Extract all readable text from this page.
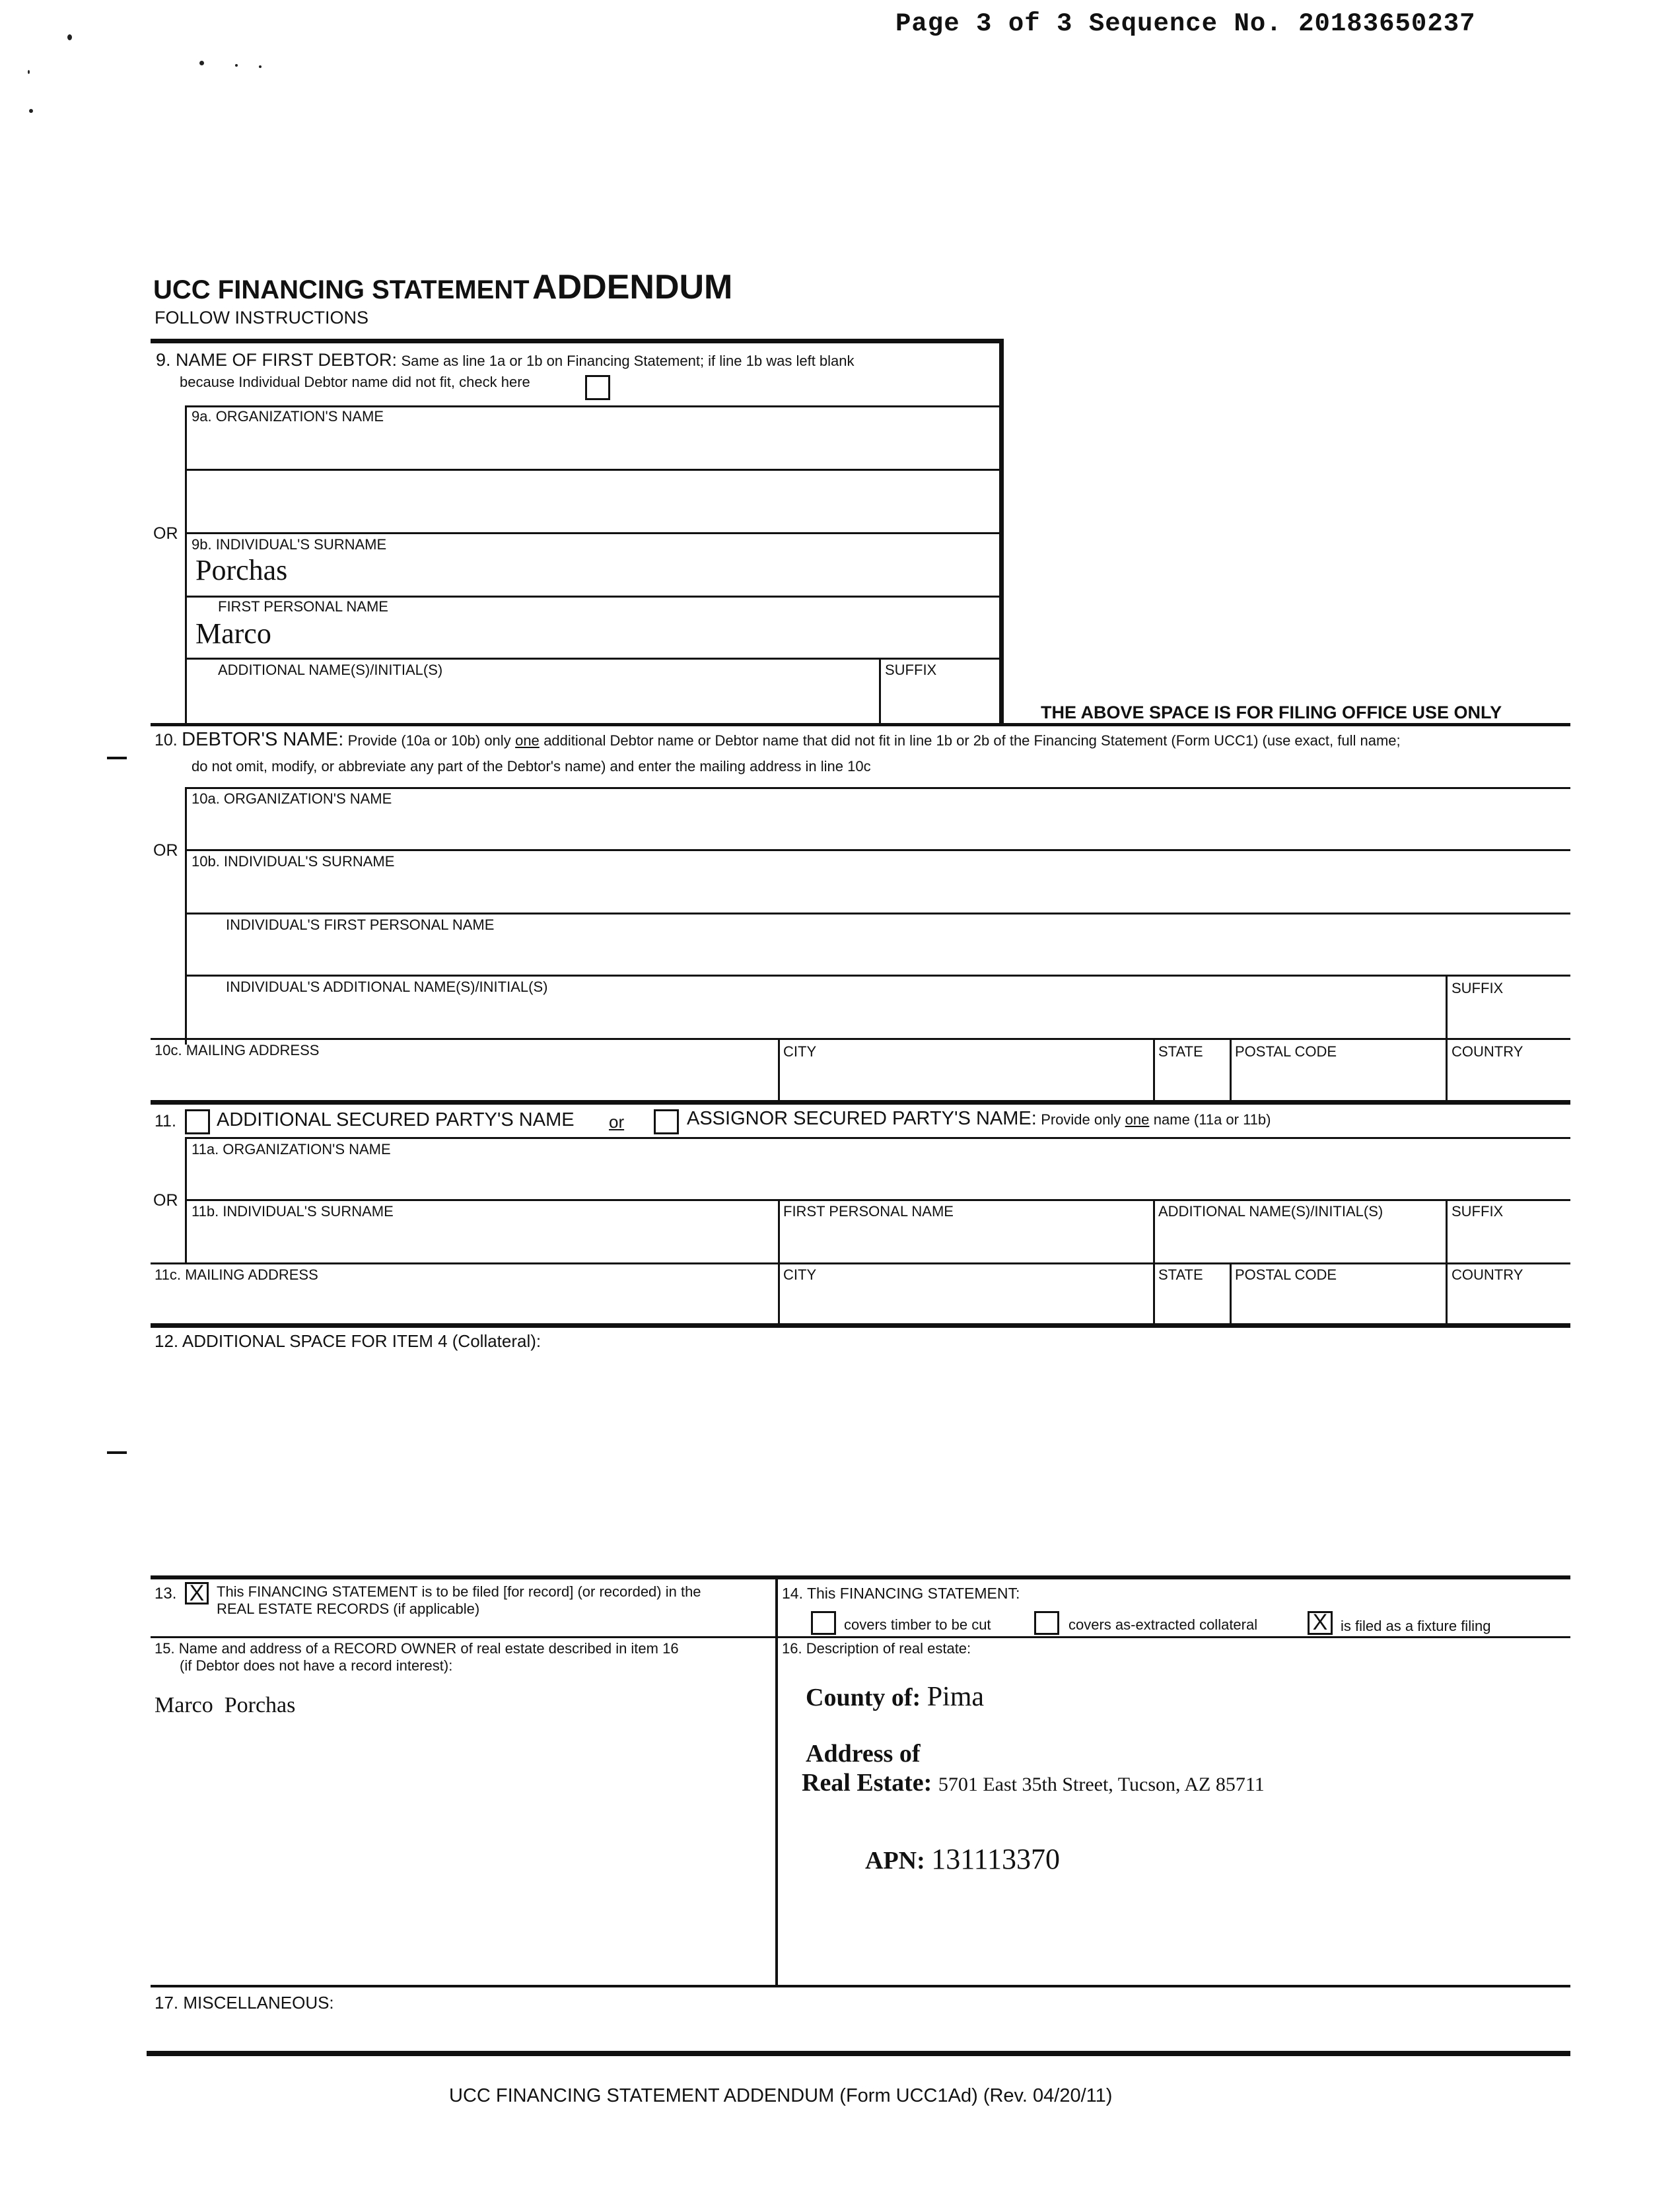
Page 3 of 3 Sequence No. 20183650237
UCC FINANCING STATEMENT ADDENDUM
FOLLOW INSTRUCTIONS
9. NAME OF FIRST DEBTOR: Same as line 1a or 1b on Financing Statement; if line 1b was left blank
because Individual Debtor name did not fit, check here
9a. ORGANIZATION'S NAME
OR
9b. INDIVIDUAL'S SURNAME
Porchas
FIRST PERSONAL NAME
Marco
ADDITIONAL NAME(S)/INITIAL(S)	SUFFIX
THE ABOVE SPACE IS FOR FILING OFFICE USE ONLY
10. DEBTOR'S NAME: Provide (10a or 10b) only one additional Debtor name or Debtor name that did not fit in line 1b or 2b of the Financing Statement (Form UCC1) (use exact, full name;
do not omit, modify, or abbreviate any part of the Debtor's name) and enter the mailing address in line 10c
10a. ORGANIZATION'S NAME
OR
10b. INDIVIDUAL'S SURNAME
INDIVIDUAL'S FIRST PERSONAL NAME
INDIVIDUAL'S ADDITIONAL NAME(S)/INITIAL(S)	SUFFIX
10c. MAILING ADDRESS	CITY	STATE POSTAL CODE	COUNTRY
11. ADDITIONAL SECURED PARTY'S NAME or	ASSIGNOR SECURED PARTY'S NAME: Provide only one name (11a or 11b)
11a. ORGANIZATION'S NAME
OR
11b. INDIVIDUAL'S SURNAME	FIRST PERSONAL NAME	ADDITIONAL NAME(S)/INITIAL(S)	SUFFIX
11c. MAILING ADDRESS	CITY	STATE POSTAL CODE	COUNTRY
12. ADDITIONAL SPACE FOR ITEM 4 (Collateral):
13. X This FINANCING STATEMENT is to be filed [for record] (or recorded) in the
REAL ESTATE RECORDS (if applicable)
14. This FINANCING STATEMENT:
covers timber to be cut	covers as-extracted collateral X is filed as a fixture filing
15. Name and address of a RECORD OWNER of real estate described in item 16
(if Debtor does not have a record interest):
Marco  Porchas
16. Description of real estate:
County of: Pima
Address of
Real Estate: 5701 East 35th Street, Tucson, AZ 85711
APN: 131113370
17. MISCELLANEOUS:
UCC FINANCING STATEMENT ADDENDUM (Form UCC1Ad) (Rev. 04/20/11)
